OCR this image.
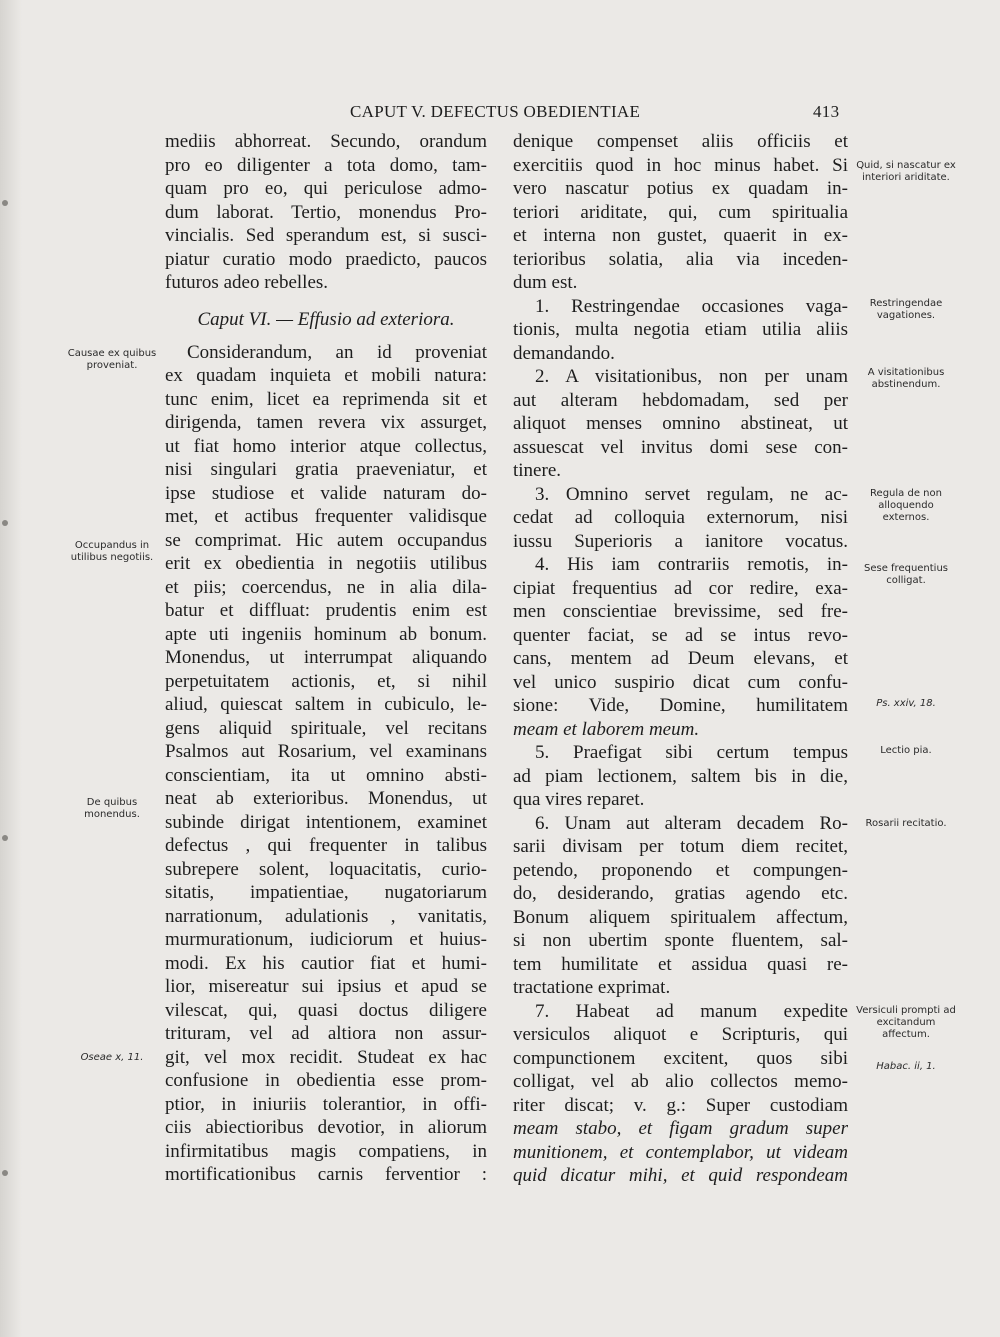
CAPUT V. DEFECTUS OBEDIENTIAE	413
mediis abhorreat. Secundo, orandum
pro eo diligenter a tota domo, tam-
quam pro eo, qui periculose admo-
dum laborat. Tertio, monendus Pro-
vincialis. Sed sperandum est, si susci-
piatur curatio modo praedicto, paucos
futuros adeo rebelles.
Caput VI. — Effusio ad exteriora.
Considerandum, an id proveniat
ex quadam inquieta et mobili natura:
tunc enim, licet ea reprimenda sit et
dirigenda, tamen revera vix assurget,
ut fiat homo interior atque collectus,
nisi singulari gratia praeveniatur, et
ipse studiose et valide naturam do-
met, et actibus frequenter validisque
se comprimat. Hic autem occupandus
erit ex obedientia in negotiis utilibus
et piis; coercendus, ne in alia dila-
batur et diffluat: prudentis enim est
apte uti ingeniis hominum ab bonum.
Monendus, ut interrumpat aliquando
perpetuitatem actionis, et, si nihil
aliud, quiescat saltem in cubiculo, le-
gens aliquid spirituale, vel recitans
Psalmos aut Rosarium, vel examinans
conscientiam, ita ut omnino absti-
neat ab exterioribus. Monendus, ut
subinde dirigat intentionem, examinet
defectus , qui frequenter in talibus
subrepere solent, loquacitatis, curio-
sitatis, impatientiae, nugatoriarum
narrationum, adulationis , vanitatis,
murmurationum, iudiciorum et huius-
modi. Ex his cautior fiat et humi-
lior, misereatur sui ipsius et apud se
vilescat, qui, quasi doctus diligere
trituram, vel ad altiora non assur-
git, vel mox recidit. Studeat ex hac
confusione in obedientia esse prom-
ptior, in iniuriis tolerantior, in offi-
ciis abiectioribus devotior, in aliorum
infirmitatibus magis compatiens, in
mortificationibus carnis ferventior :
denique compenset aliis officiis et
exercitiis quod in hoc minus habet. Si
vero nascatur potius ex quadam in-
teriori ariditate, qui, cum spiritualia
et interna non gustet, quaerit in ex-
terioribus solatia, alia via inceden-
dum est.
1. Restringendae occasiones vaga-
tionis, multa negotia etiam utilia aliis
demandando.
2. A visitationibus, non per unam
aut alteram hebdomadam, sed per
aliquot menses omnino abstineat, ut
assuescat vel invitus domi sese con-
tinere.
3. Omnino servet regulam, ne ac-
cedat ad colloquia externorum, nisi
iussu Superioris a ianitore vocatus.
4. His iam contrariis remotis, in-
cipiat frequentius ad cor redire, exa-
men conscientiae brevissime, sed fre-
quenter faciat, se ad se intus revo-
cans, mentem ad Deum elevans, et
vel unico suspirio dicat cum confu-
sione: Vide, Domine, humilitatem
meam et laborem meum.
5. Praefigat sibi certum tempus
ad piam lectionem, saltem bis in die,
qua vires reparet.
6. Unam aut alteram decadem Ro-
sarii divisam per totum diem recitet,
petendo, proponendo et compungen-
do, desiderando, gratias agendo etc.
Bonum aliquem spiritualem affectum,
si non ubertim sponte fluentem, sal-
tem humilitate et assidua quasi re-
tractatione exprimat.
7. Habeat ad manum expedite
versiculos aliquot e Scripturis, qui
compunctionem excitent, quos sibi
colligat, vel ab alio collectos memo-
riter discat; v. g.: Super custodiam
meam stabo, et figam gradum super
munitionem, et contemplabor, ut videam
quid dicatur mihi, et quid respondeam
Causae ex quibus proveniat.
Occupandus in utilibus negotiis.
De quibus monendus.
Oseae x, 11.
Quid, si nascatur ex interiori ariditate.
Restringendae vagationes.
A visitationibus abstinendum.
Regula de non alloquendo externos.
Sese frequentius colligat.
Ps. xxiv, 18.
Lectio pia.
Rosarii recitatio.
Versiculi prompti ad excitandum affectum.
Habac. ii, 1.
